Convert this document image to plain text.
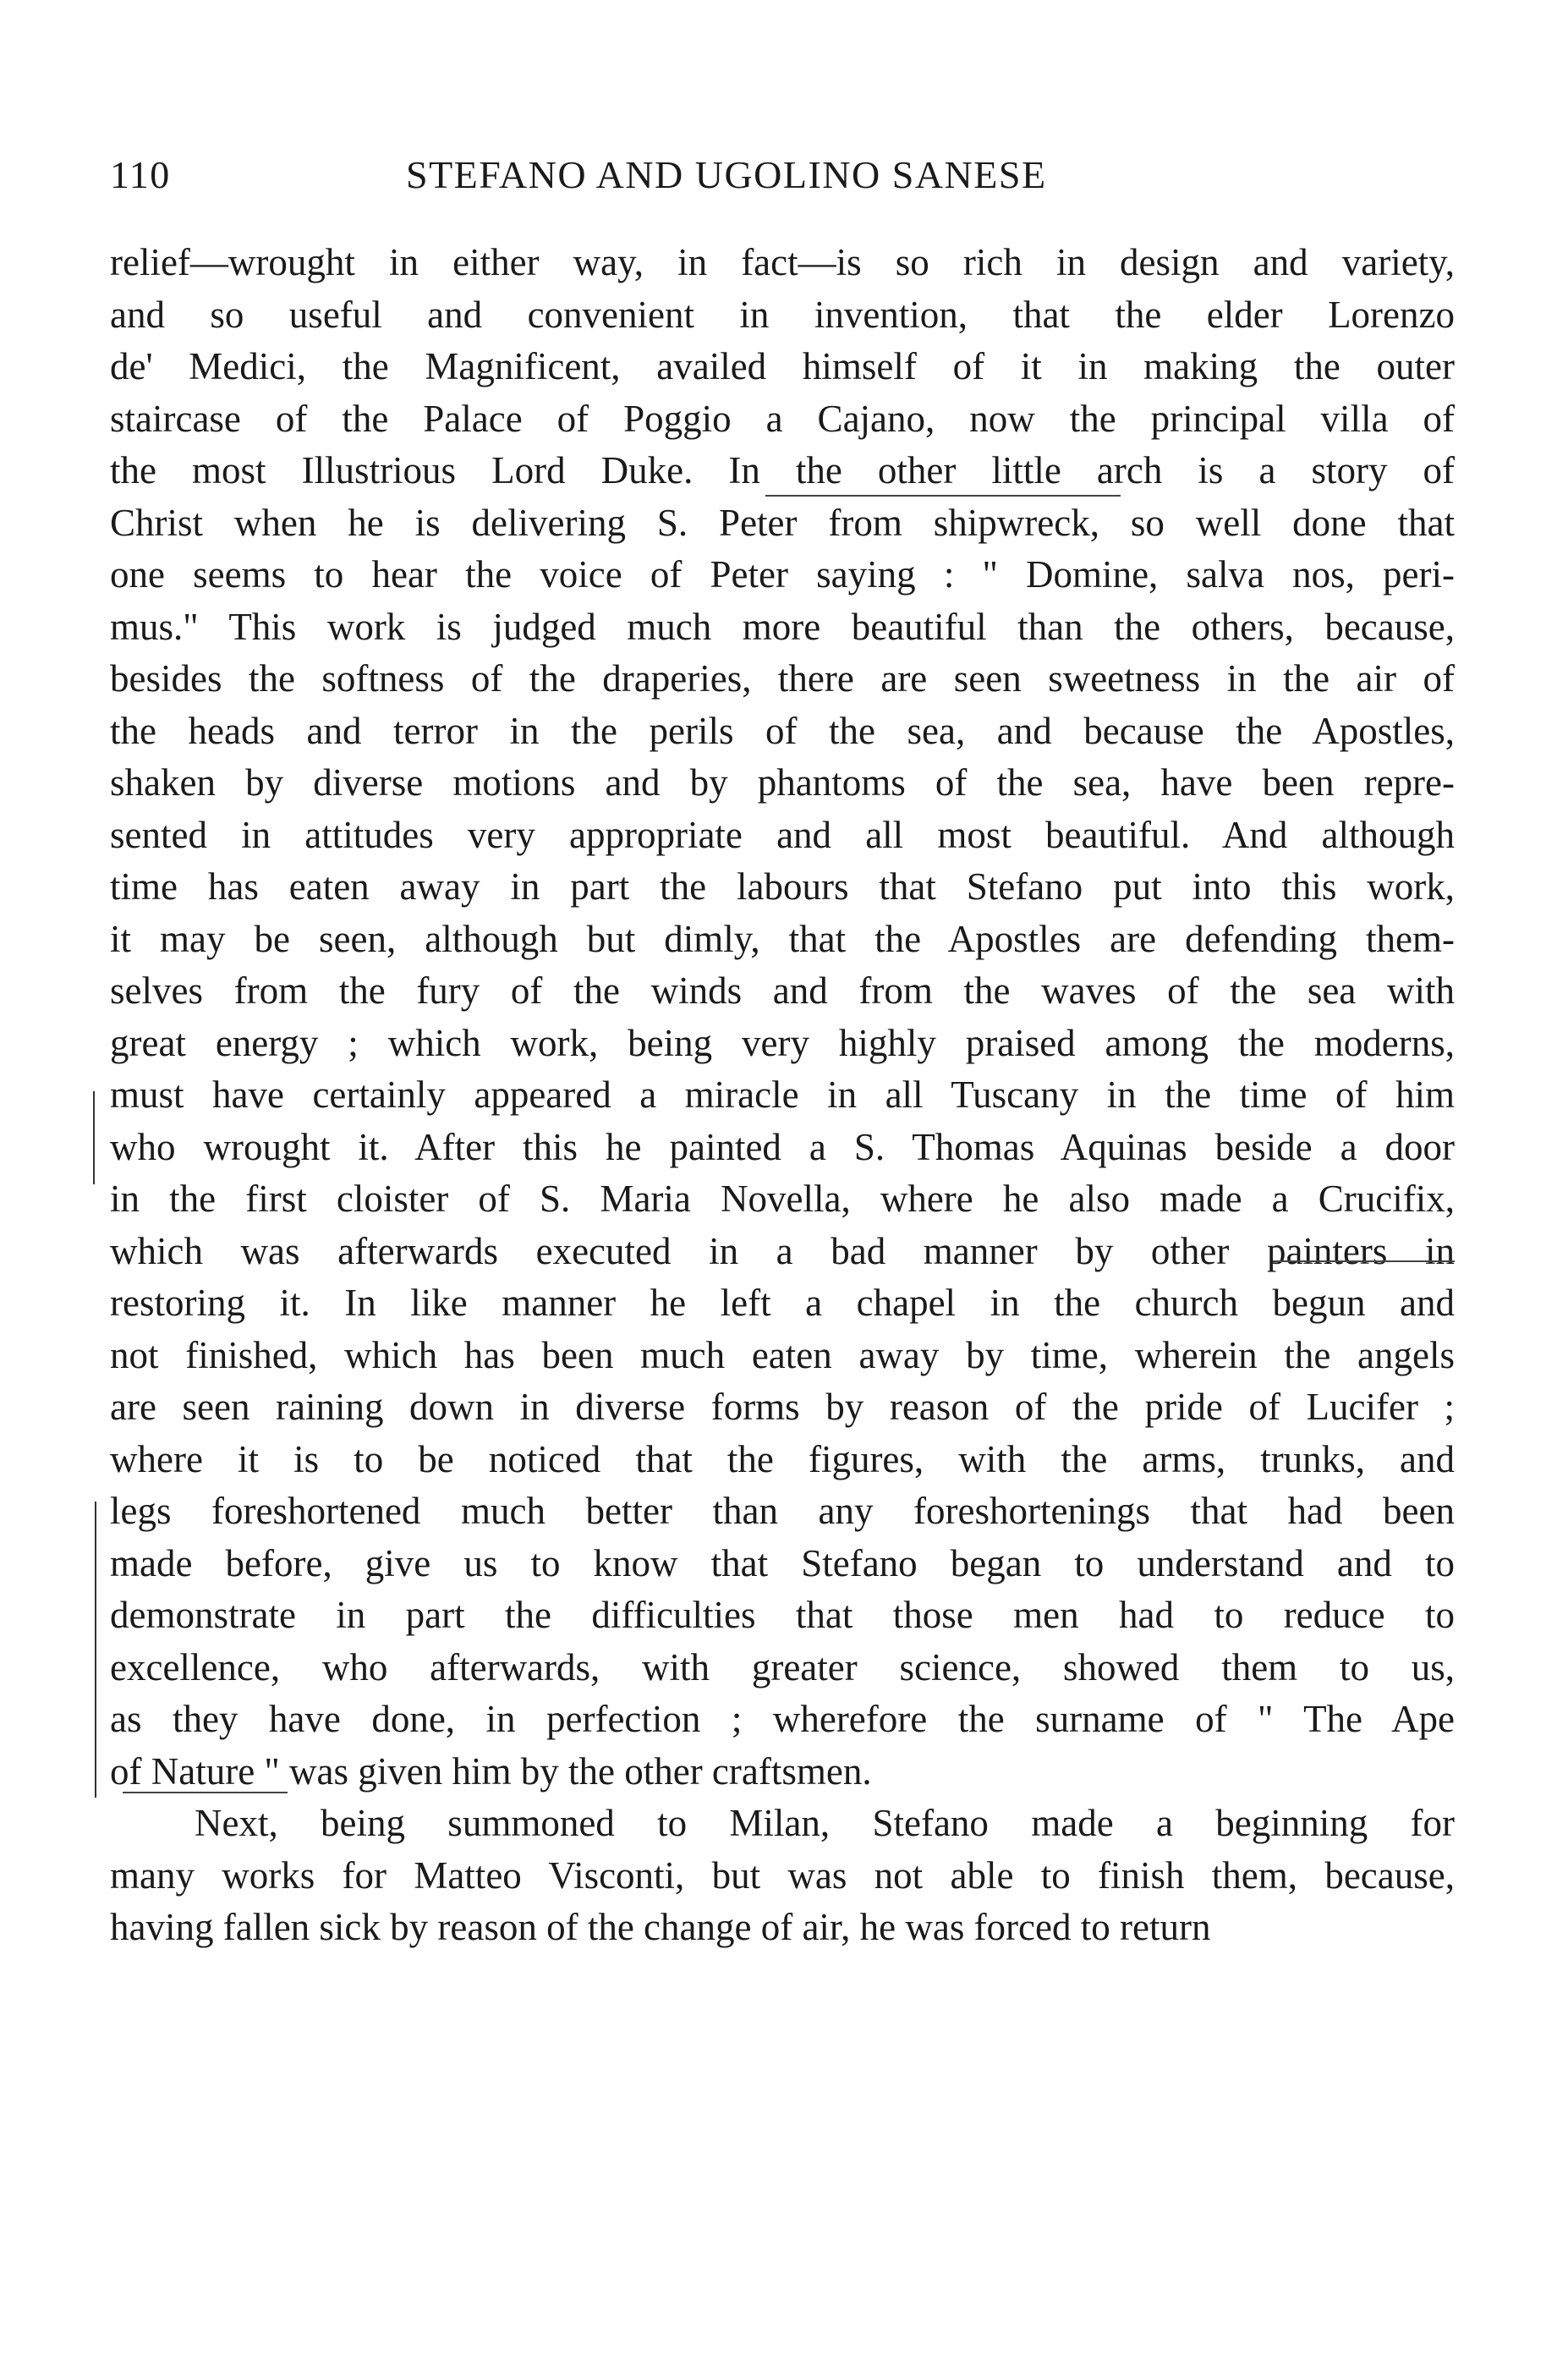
110	STEFANO AND UGOLINO SANESE
relief—wrought in either way, in fact—is so rich in design and variety,
and so useful and convenient in invention, that the elder Lorenzo
de' Medici, the Magnificent, availed himself of it in making the outer
staircase of the Palace of Poggio a Cajano, now the principal villa of
the most Illustrious Lord Duke. In the other little arch is a story of
Christ when he is delivering S. Peter from shipwreck, so well done that
one seems to hear the voice of Peter saying : " Domine, salva nos, peri-
mus." This work is judged much more beautiful than the others, because,
besides the softness of the draperies, there are seen sweetness in the air of
the heads and terror in the perils of the sea, and because the Apostles,
shaken by diverse motions and by phantoms of the sea, have been repre-
sented in attitudes very appropriate and all most beautiful. And although
time has eaten away in part the labours that Stefano put into this work,
it may be seen, although but dimly, that the Apostles are defending them-
selves from the fury of the winds and from the waves of the sea with
great energy ; which work, being very highly praised among the moderns,
must have certainly appeared a miracle in all Tuscany in the time of him
who wrought it. After this he painted a S. Thomas Aquinas beside a door
in the first cloister of S. Maria Novella, where he also made a Crucifix,
which was afterwards executed in a bad manner by other painters in
restoring it. In like manner he left a chapel in the church begun and
not finished, which has been much eaten away by time, wherein the angels
are seen raining down in diverse forms by reason of the pride of Lucifer ;
where it is to be noticed that the figures, with the arms, trunks, and
legs foreshortened much better than any foreshortenings that had been
made before, give us to know that Stefano began to understand and to
demonstrate in part the difficulties that those men had to reduce to
excellence, who afterwards, with greater science, showed them to us,
as they have done, in perfection ; wherefore the surname of " The Ape
of Nature " was given him by the other craftsmen.
Next, being summoned to Milan, Stefano made a beginning for
many works for Matteo Visconti, but was not able to finish them, because,
having fallen sick by reason of the change of air, he was forced to return
